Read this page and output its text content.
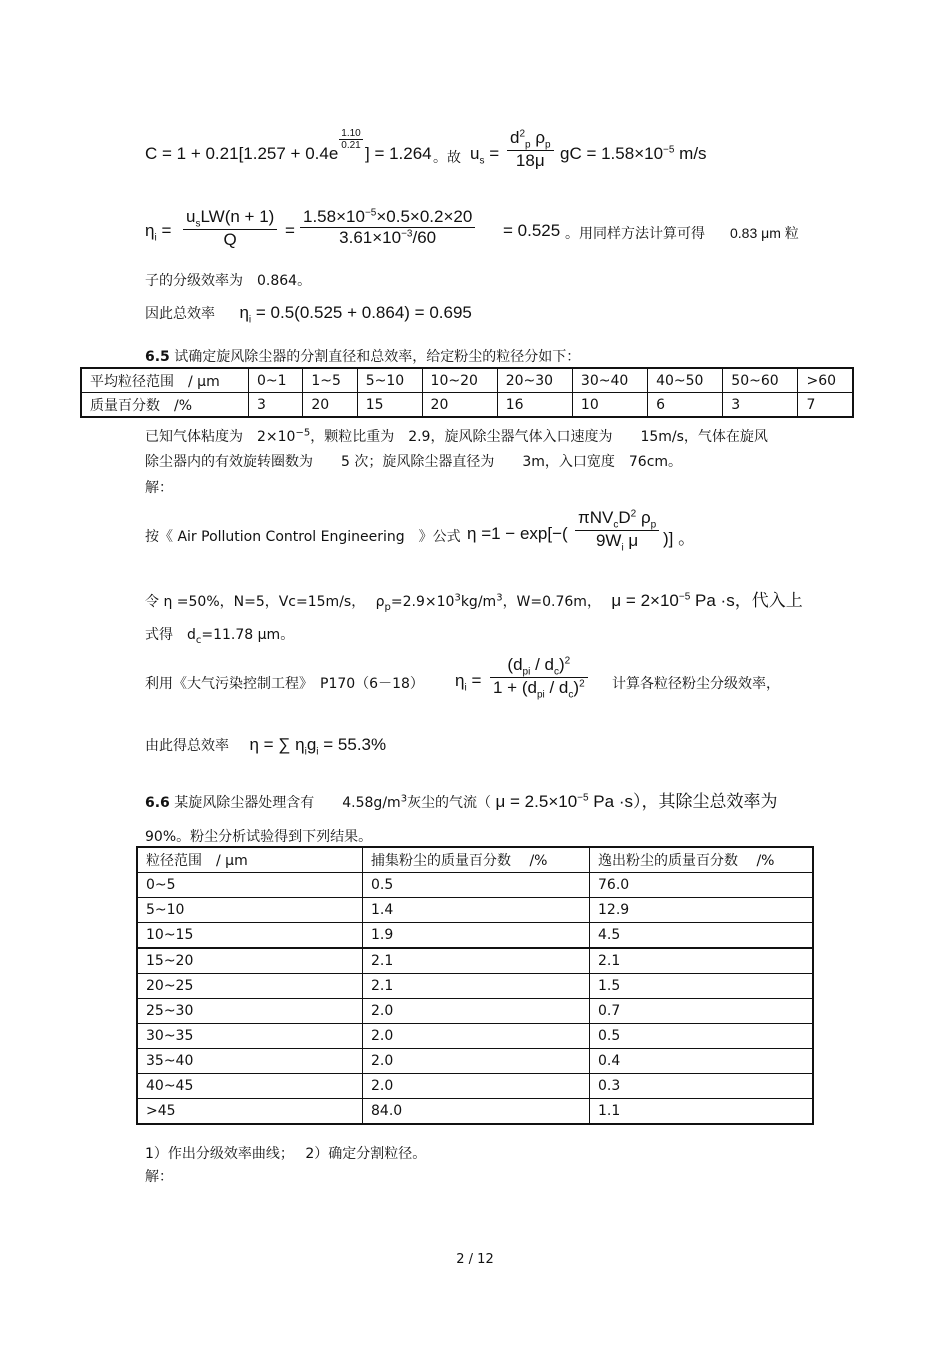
C = 1 + 0.21[1.257 + 0.4e
1.10
0.21 ] = 1.264 。故 $u_s = \frac{d^2_p \rho_p}{18\mu}$ gC = $1.58\times 10^{-5}$ m/s
$\eta_i$ =
$u_sLW(n + 1)$
Q	= $\frac{1.58\times 10^{-5}\times 0.5\times 0.2\times 20}{3.61\times 10^{-3}/60} = 0.525$ 。用同样方法计算可得 0.83 μm 粒
子的分级效率为　0.864。
因此总效率 $\eta_i = 0.5(0.525 + 0.864) = 0.695$
6.5 试确定旋风除尘器的分割直径和总效率，给定粉尘的粒径分如下：
平均粒径范围　/ μm	0~1	1~5	5~10	10~20	20~30	30~40	40~50	50~60	>60
质量百分数　/%	3	20	15	20	16	10	6	3	7
已知气体粘度为　$2\times 10^{-5}$，颗粒比重为　2.9，旋风除尘器气体入口速度为　　15m/s，气体在旋风
除尘器内的有效旋转圈数为　　5 次；旋风除尘器直径为　　3m，入口宽度　76cm。
解：
按《 Air Pollution Control Engineering　》公式 η =1 − exp[−(
$\pi NV_cD^2$ $\rho_p$
$9W_i$ μ	)] 。
令 η =50%，N=5，Vc=15m/s， $\rho_p=2.9\times 10^3kg/m^3$，W=0.76m， $\mu = 2\times 10^{-5}$ Pa ·s，代入上
式得　$d_c=11.78$ μm。
利用《大气污染控制工程》　P170（6－18） $\eta_i$ =
$(d_{pi} / d_c)^2$
$1 + (d_{pi} / d_c)^2$ 计算各粒径粉尘分级效率，
由此得总效率 η = ∑ $\eta_ig_i = 55.3\%$
6.6 某旋风除尘器处理含有　　$4.58g/m^3$灰尘的气流（ $\mu = 2.5\times 10^{-5}$ Pa ·s），其除尘总效率为
90%。粉尘分析试验得到下列结果。
粒径范围　/ μm	捕集粉尘的质量百分数　 /%	逸出粉尘的质量百分数　 /%
0~5	0.5	76.0
5~10	1.4	12.9
10~15	1.9	4.5
15~20	2.1	2.1
20~25	2.1	1.5
25~30	2.0	0.7
30~35	2.0	0.5
35~40	2.0	0.4
40~45	2.0	0.3
>45	84.0	1.1
1）作出分级效率曲线；　 2）确定分割粒径。
解：
2 / 12
